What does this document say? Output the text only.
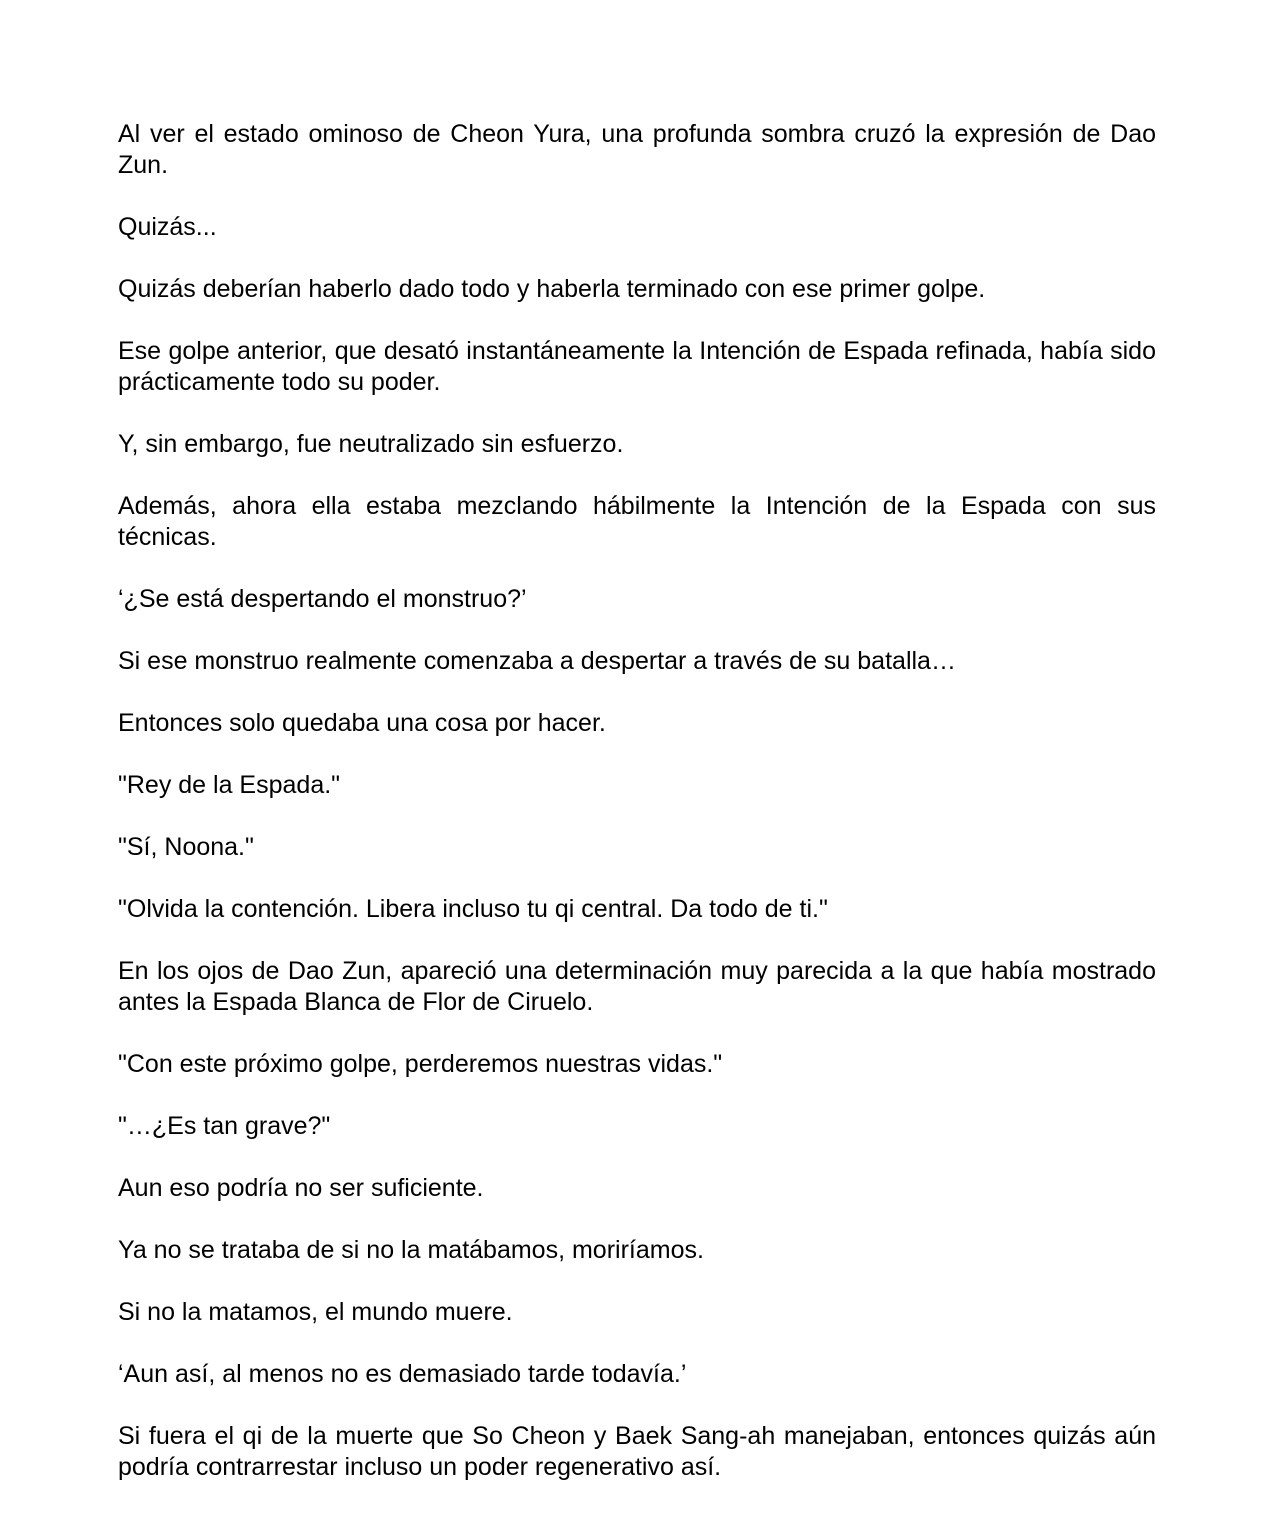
Al ver el estado ominoso de Cheon Yura, una profunda sombra cruzó la expresión de Dao Zun.

Quizás...

Quizás deberían haberlo dado todo y haberla terminado con ese primer golpe.

Ese golpe anterior, que desató instantáneamente la Intención de Espada refinada, había sido prácticamente todo su poder.

Y, sin embargo, fue neutralizado sin esfuerzo.

Además, ahora ella estaba mezclando hábilmente la Intención de la Espada con sus técnicas.

‘¿Se está despertando el monstruo?’

Si ese monstruo realmente comenzaba a despertar a través de su batalla…

Entonces solo quedaba una cosa por hacer.

"Rey de la Espada."

"Sí, Noona."

"Olvida la contención. Libera incluso tu qi central. Da todo de ti."

En los ojos de Dao Zun, apareció una determinación muy parecida a la que había mostrado antes la Espada Blanca de Flor de Ciruelo.

"Con este próximo golpe, perderemos nuestras vidas."

"…¿Es tan grave?"

Aun eso podría no ser suficiente.

Ya no se trataba de si no la matábamos, moriríamos.

Si no la matamos, el mundo muere.

‘Aun así, al menos no es demasiado tarde todavía.’

Si fuera el qi de la muerte que So Cheon y Baek Sang-ah manejaban, entonces quizás aún podría contrarrestar incluso un poder regenerativo así.
